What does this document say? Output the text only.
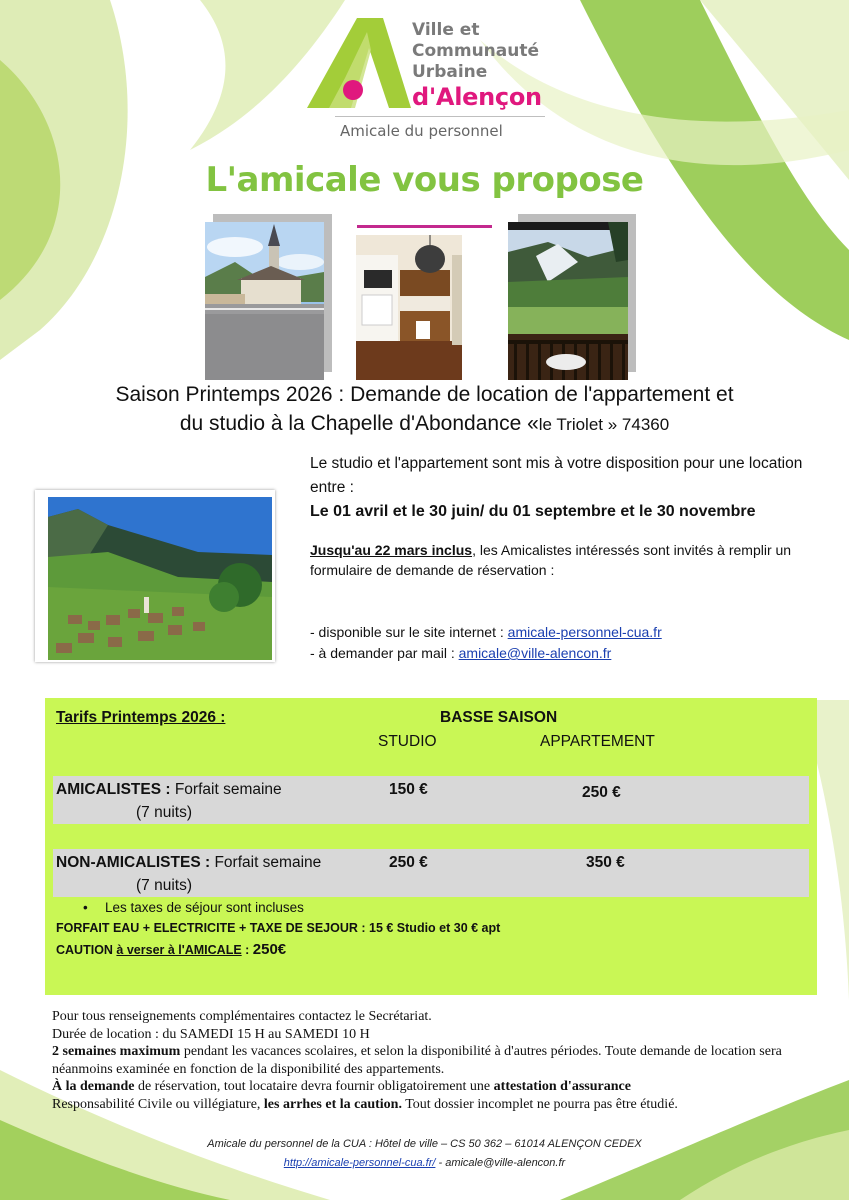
Ville et
Communauté
Urbaine
d'Alençon
Amicale du personnel
L'amicale vous propose
Saison Printemps 2026 : Demande de location de l'appartement et
du studio à la Chapelle d'Abondance «le Triolet » 74360
Le studio et l'appartement sont mis à votre disposition pour une location entre :
Le 01 avril et le 30 juin/ du 01 septembre et le 30 novembre
Jusqu'au 22 mars inclus, les Amicalistes intéressés sont invités à remplir un formulaire de demande de réservation :
- disponible sur le site internet : amicale-personnel-cua.fr
- à demander par mail : amicale@ville-alencon.fr
Tarifs Printemps 2026 :	BASSE SAISON
STUDIO	APPARTEMENT
AMICALISTES : Forfait semaine
(7 nuits)
150 €	250 €
NON-AMICALISTES : Forfait semaine
(7 nuits)
250 €	350 €
• Les taxes de séjour sont incluses
FORFAIT EAU + ELECTRICITE + TAXE DE SEJOUR : 15 € Studio et 30 € apt
CAUTION à verser à l'AMICALE : 250€
Pour tous renseignements complémentaires contactez le Secrétariat.
Durée de location : du SAMEDI 15 H au SAMEDI 10 H
2 semaines maximum pendant les vacances scolaires, et selon la disponibilité à d'autres périodes. Toute demande de location sera néanmoins examinée en fonction de la disponibilité des appartements.
À la demande de réservation, tout locataire devra fournir obligatoirement une attestation d'assurance
Responsabilité Civile ou villégiature, les arrhes et la caution. Tout dossier incomplet ne pourra pas être étudié.
Amicale du personnel de la CUA : Hôtel de ville – CS 50 362 – 61014 ALENÇON CEDEX
http://amicale-personnel-cua.fr/ - amicale@ville-alencon.fr
